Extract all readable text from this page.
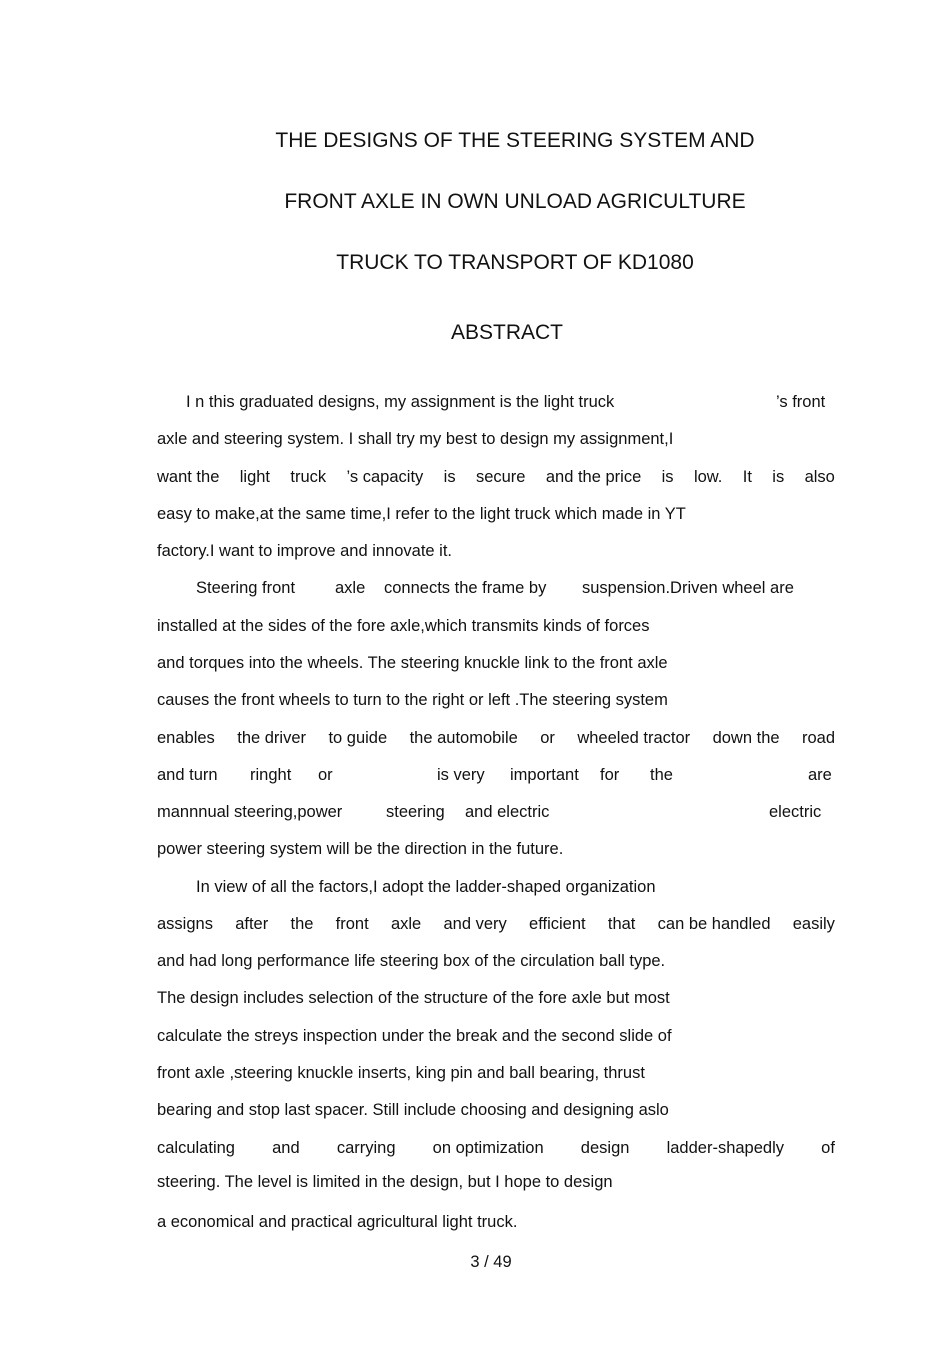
THE DESIGNS OF THE STEERING SYSTEM AND
FRONT AXLE IN OWN UNLOAD AGRICULTURE
TRUCK TO TRANSPORT OF KD1080
ABSTRACT
I n this graduated designs, my assignment is the light truck	’s front
axle and steering system. I shall try my best to design my assignment,I
want the light truck ’s capacity is secure and the price is low. It is also
easy to make,at the same time,I refer to the light truck which made in YT
factory.I want to improve and innovate it.
Steering front axle connects the frame by suspension.Driven wheel are
installed at the sides of the fore axle,which transmits kinds of forces
and torques into the wheels. The steering knuckle link to the front axle
causes the front wheels to turn to the right or left .The steering system
enables the driver to guide the automobile or wheeled tractor down the road
and turn ringht or	is very important for the	are
mannnual steering,power	steering and electric	electric
power steering system will be the direction in the future.
In view of all the factors,I adopt the ladder-shaped organization
assigns after the front axle and very efficient that can be handled easily
and had long performance life steering box of the circulation ball type.
The design includes selection of the structure of the fore axle but most
calculate the streys inspection under the break and the second slide of
front axle ,steering knuckle inserts, king pin and ball bearing, thrust
bearing and stop last spacer. Still include choosing and designing aslo
calculating and carrying on optimization design ladder-shapedly of
steering. The level is limited in the design, but I hope to design
a economical and practical agricultural light truck.
3 / 49
